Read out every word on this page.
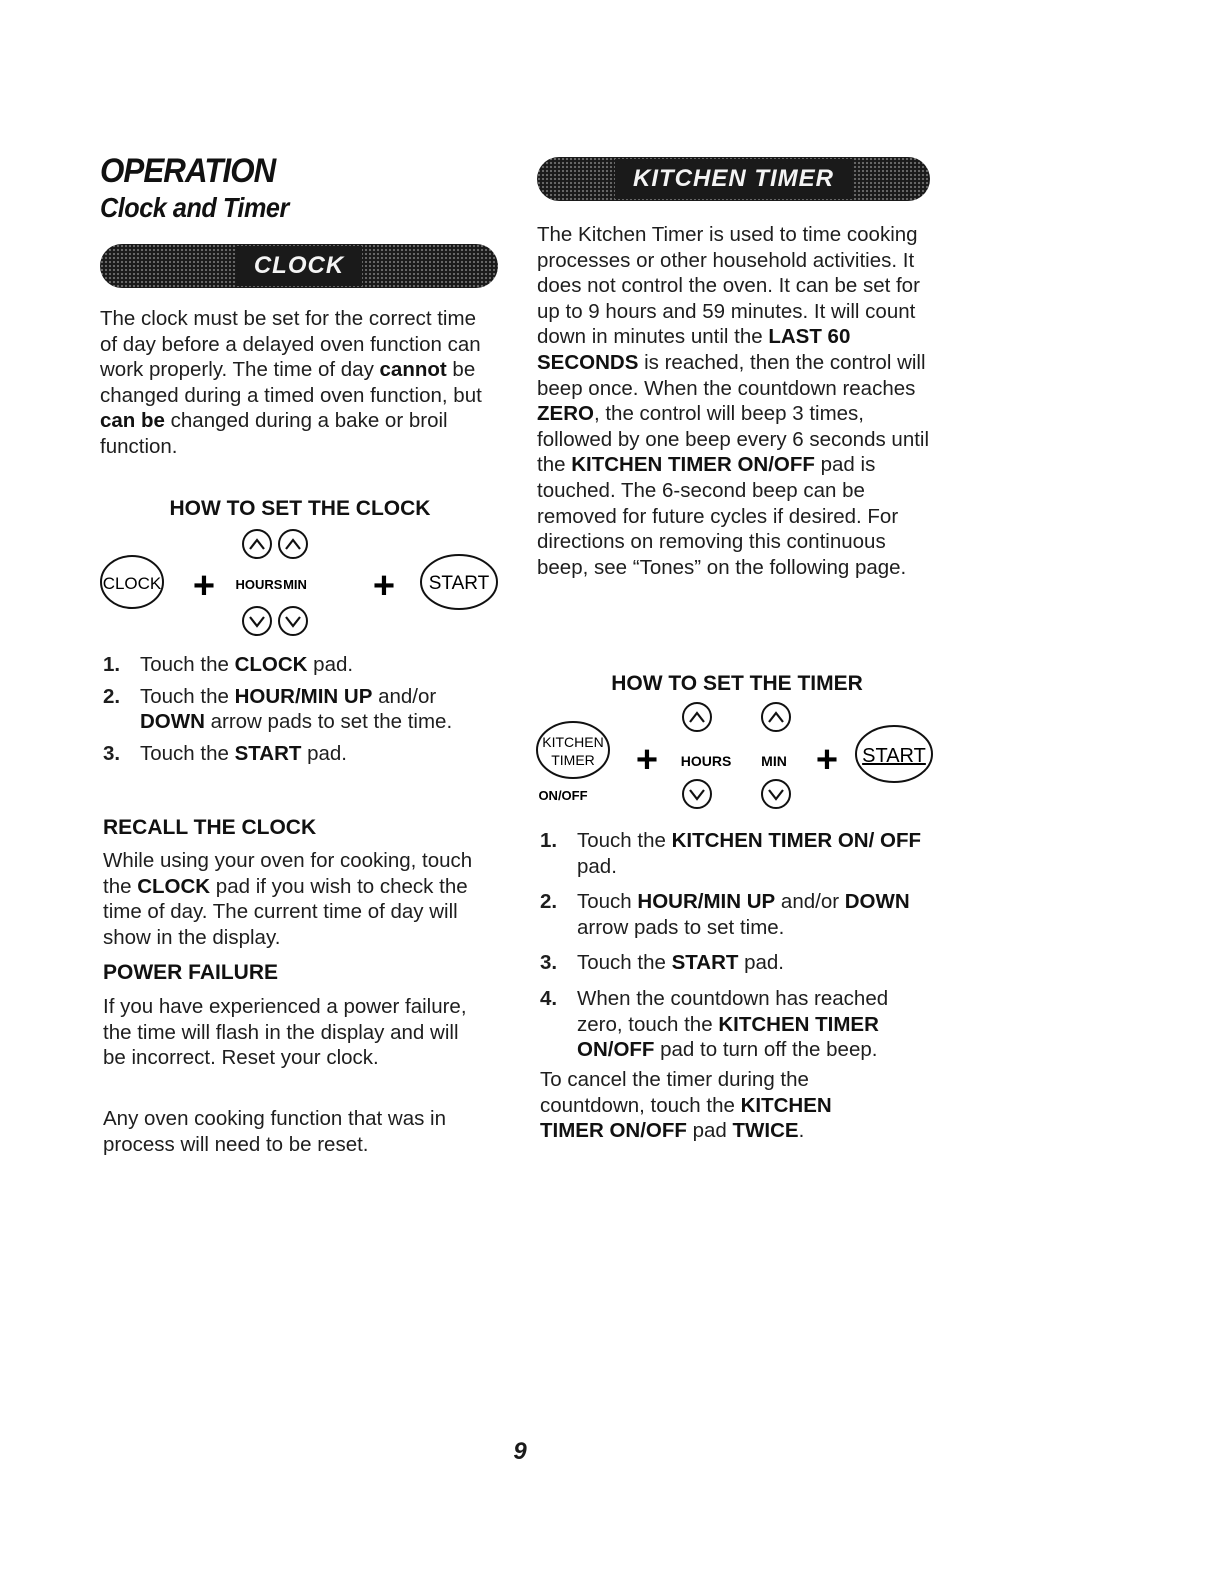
OPERATION
Clock and Timer
CLOCK
KITCHEN TIMER

The clock must be set for the correct time of day before a delayed oven function can work properly. The time of day cannot be changed during a timed oven function, but can be changed during a bake or broil function.

HOW TO SET THE CLOCK

CLOCK + HOURS MIN + START
1. Touch the CLOCK pad.
2. Touch the HOUR/MIN UP and/or DOWN arrow pads to set the time.
3. Touch the START pad.

RECALL THE CLOCK

While using your oven for cooking, touch the CLOCK pad if you wish to check the time of day. The current time of day will show in the display.

POWER FAILURE

If you have experienced a power failure, the time will flash in the display and will be incorrect. Reset your clock.

Any oven cooking function that was in process will need to be reset.

The Kitchen Timer is used to time cooking processes or other household activities. It does not control the oven. It can be set for up to 9 hours and 59 minutes. It will count down in minutes until the LAST 60 SECONDS is reached, then the control will beep once. When the countdown reaches ZERO, the control will beep 3 times, followed by one beep every 6 seconds until the KITCHEN TIMER ON/OFF pad is touched. The 6-second beep can be removed for future cycles if desired. For directions on removing this continuous beep, see “Tones” on the following page.

HOW TO SET THE TIMER

KITCHEN
TIMER
ON/OFF
+ HOURS MIN + START
1. Touch the KITCHEN TIMER ON/ OFF pad.
2. Touch HOUR/MIN UP and/or DOWN arrow pads to set time.
3. Touch the START pad.
4. When the countdown has reached zero, touch the KITCHEN TIMER ON/OFF pad to turn off the beep.

To cancel the timer during the countdown, touch the KITCHEN TIMER ON/OFF pad TWICE.

9
